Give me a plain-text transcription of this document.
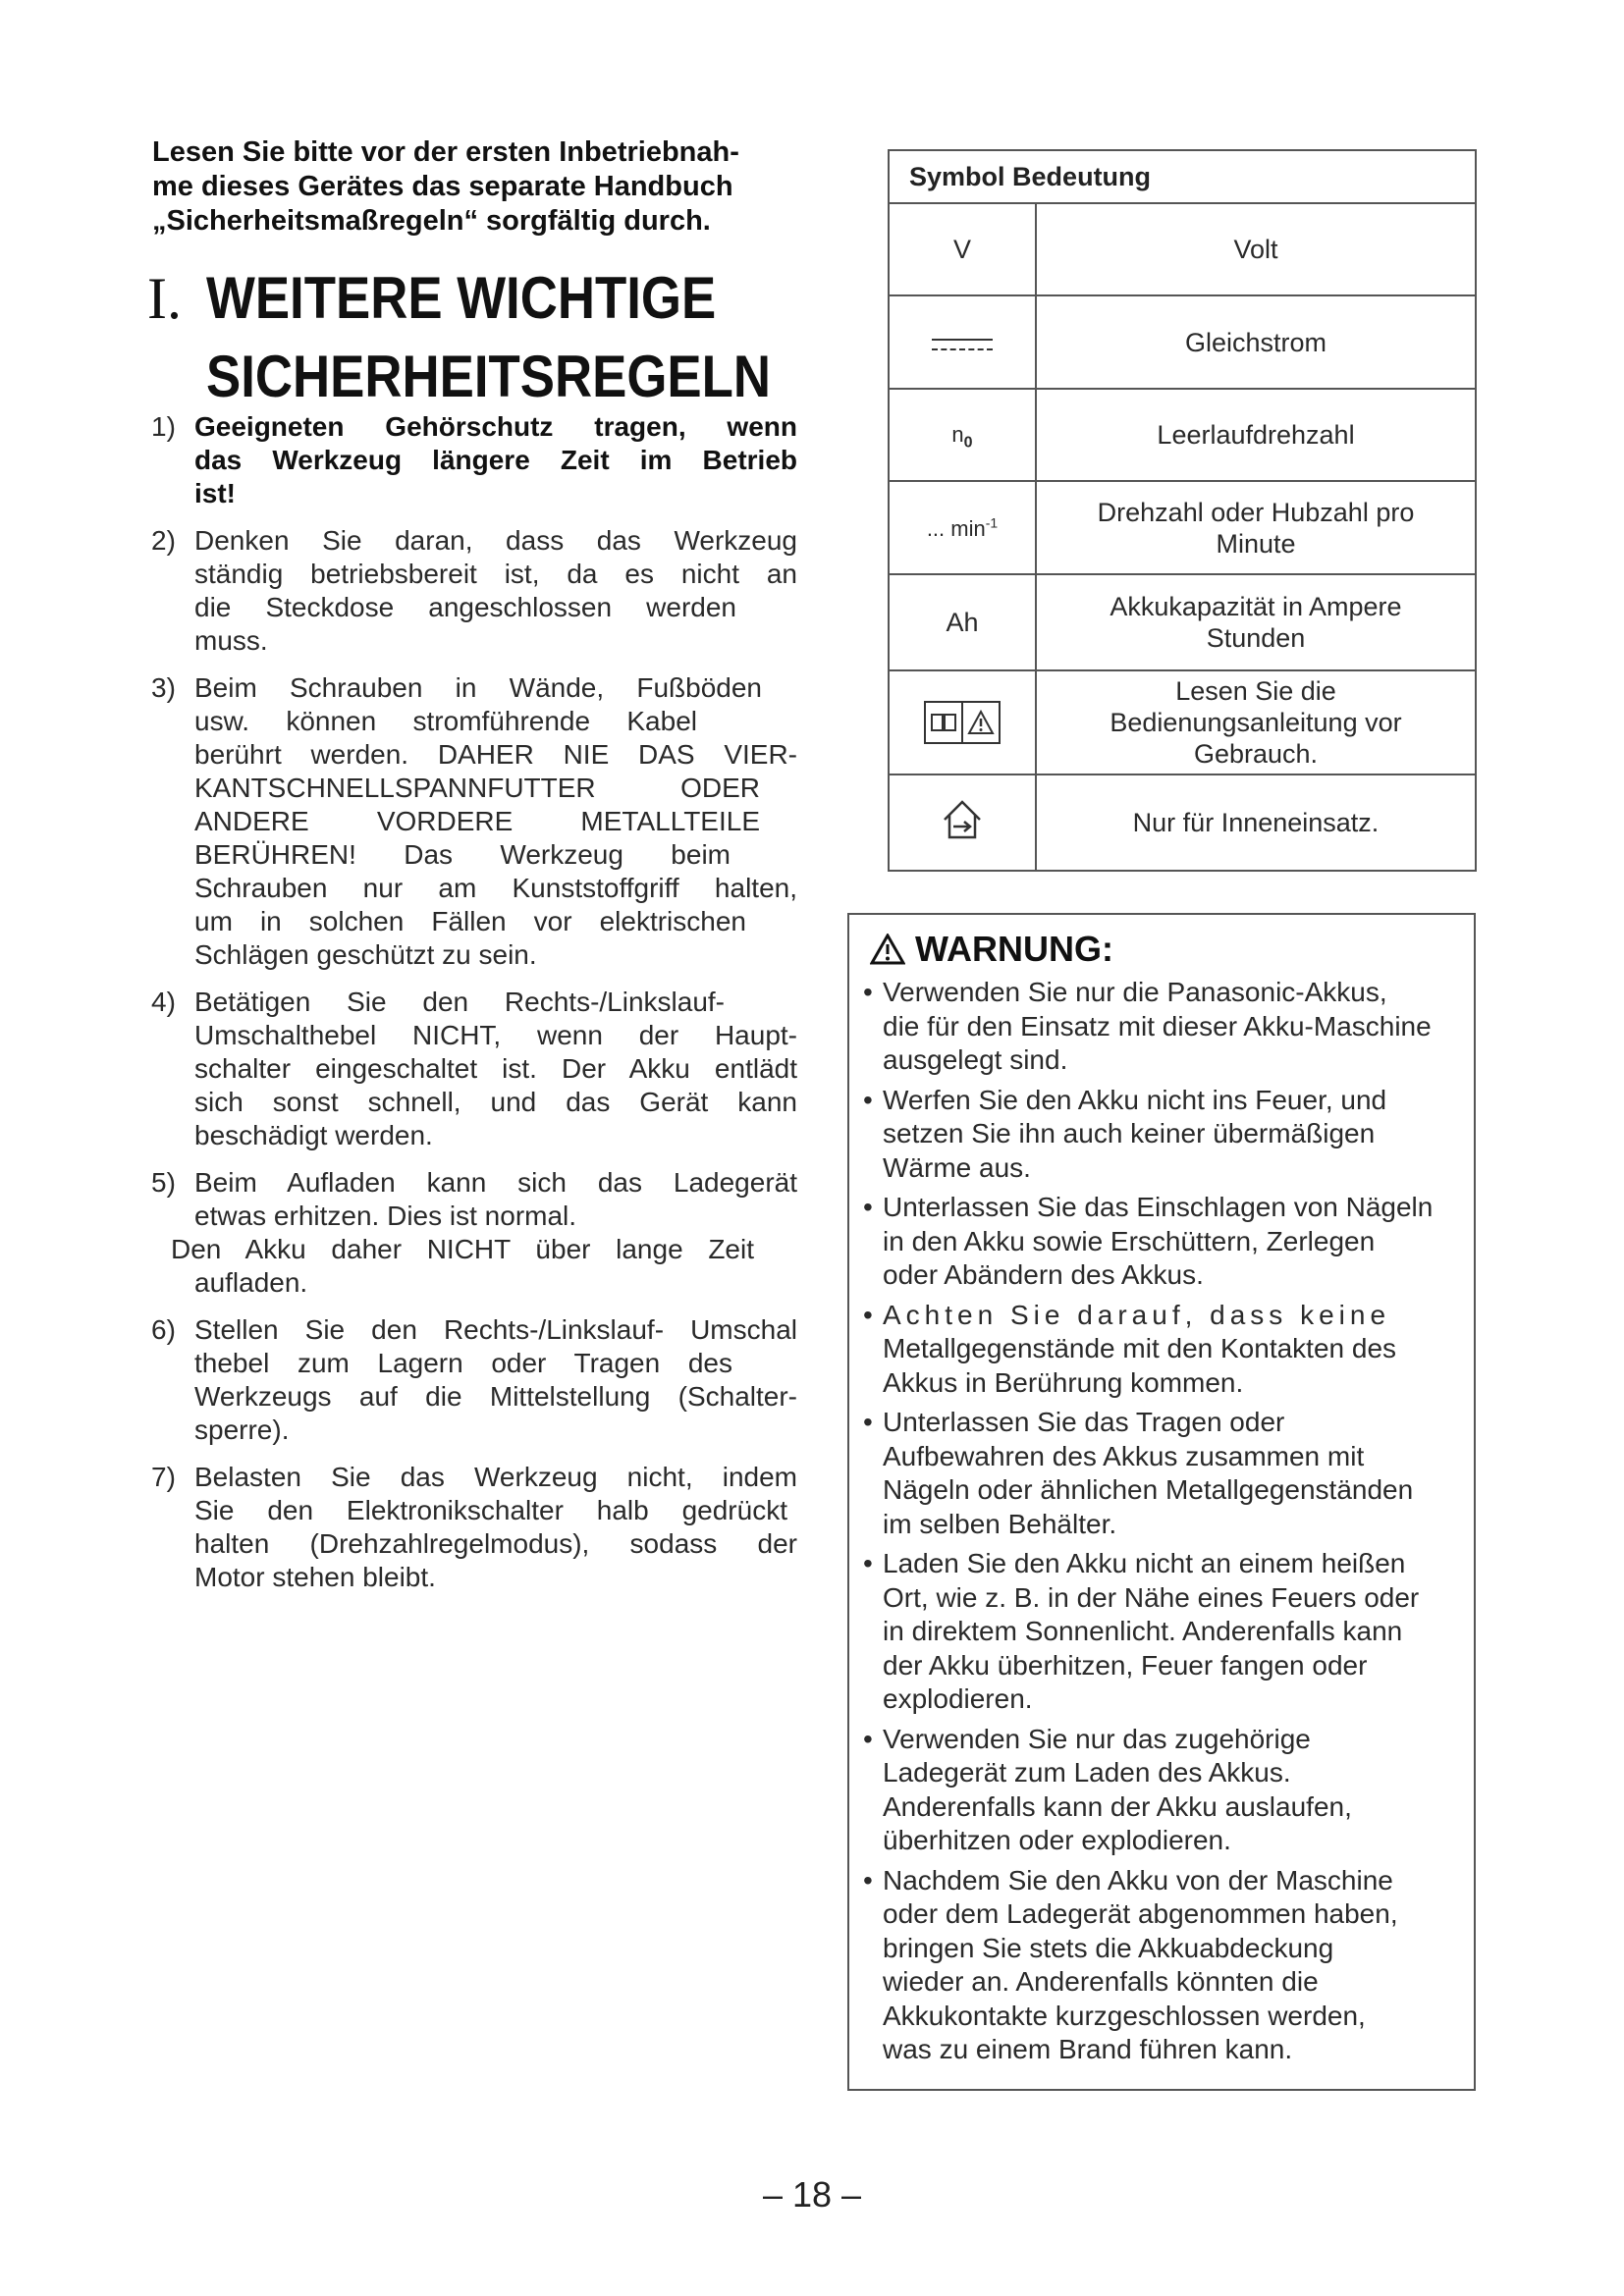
Lesen Sie bitte vor der ersten Inbetriebnah-
me dieses Gerätes das separate Handbuch
„Sicherheitsmaßregeln“ sorgfältig durch.
I. WEITERE WICHTIGE
SICHERHEITSREGELN
1) Geeigneten Gehörschutz tragen, wenn
das Werkzeug längere Zeit im Betrieb
ist!
2) Denken Sie daran, dass das Werkzeug
ständig betriebsbereit ist, da es nicht an
die Steckdose angeschlossen werden
muss.
3) Beim Schrauben in Wände, Fußböden
usw. können stromführende Kabel
berührt werden. DAHER NIE DAS VIER-
KANTSCHNELLSPANNFUTTER ODER
ANDERE VORDERE METALLTEILE
BERÜHREN! Das Werkzeug beim
Schrauben nur am Kunststoffgriff halten,
um in solchen Fällen vor elektrischen
Schlägen geschützt zu sein.
4) Betätigen Sie den Rechts-/Linkslauf-
Umschalthebel NICHT, wenn der Haupt-
schalter eingeschaltet ist. Der Akku entlädt
sich sonst schnell, und das Gerät kann
beschädigt werden.
5) Beim Aufladen kann sich das Ladegerät
etwas erhitzen. Dies ist normal.
Den Akku daher NICHT über lange Zeit
aufladen.
6) Stellen Sie den Rechts-/Linkslauf- Umschal
thebel zum Lagern oder Tragen des
Werkzeugs auf die Mittelstellung (Schalter-
sperre).
7) Belasten Sie das Werkzeug nicht, indem
Sie den Elektronikschalter halb gedrückt
halten (Drehzahlregelmodus), sodass der
Motor stehen bleibt.
Symbol Bedeutung	
V	Volt

	Gleichstrom
$n_0$	Leerlaufdrehzahl
... $\min^{-1}$	Drehzahl oder Hubzahl pro
Minute

Ah	Akkukapazität in Ampere
Stunden

Lesen Sie die
Bedienungsanleitung vor
Gebrauch.

	Nur für Inneneinsatz.
WARNUNG:
• Verwenden Sie nur die Panasonic-Akkus,
die für den Einsatz mit dieser Akku-Maschine
ausgelegt sind.
• Werfen Sie den Akku nicht ins Feuer, und
setzen Sie ihn auch keiner übermäßigen
Wärme aus.
• Unterlassen Sie das Einschlagen von Nägeln
in den Akku sowie Erschüttern, Zerlegen
oder Abändern des Akkus.
• Achten Sie darauf, dass keine
Metallgegenstände mit den Kontakten des
Akkus in Berührung kommen.
• Unterlassen Sie das Tragen oder
Aufbewahren des Akkus zusammen mit
Nägeln oder ähnlichen Metallgegenständen
im selben Behälter.
• Laden Sie den Akku nicht an einem heißen
Ort, wie z. B. in der Nähe eines Feuers oder
in direktem Sonnenlicht. Anderenfalls kann
der Akku überhitzen, Feuer fangen oder
explodieren.
• Verwenden Sie nur das zugehörige
Ladegerät zum Laden des Akkus.
Anderenfalls kann der Akku auslaufen,
überhitzen oder explodieren.
• Nachdem Sie den Akku von der Maschine
oder dem Ladegerät abgenommen haben,
bringen Sie stets die Akkuabdeckung
wieder an. Anderenfalls könnten die
Akkukontakte kurzgeschlossen werden,
was zu einem Brand führen kann.
– 18 –
